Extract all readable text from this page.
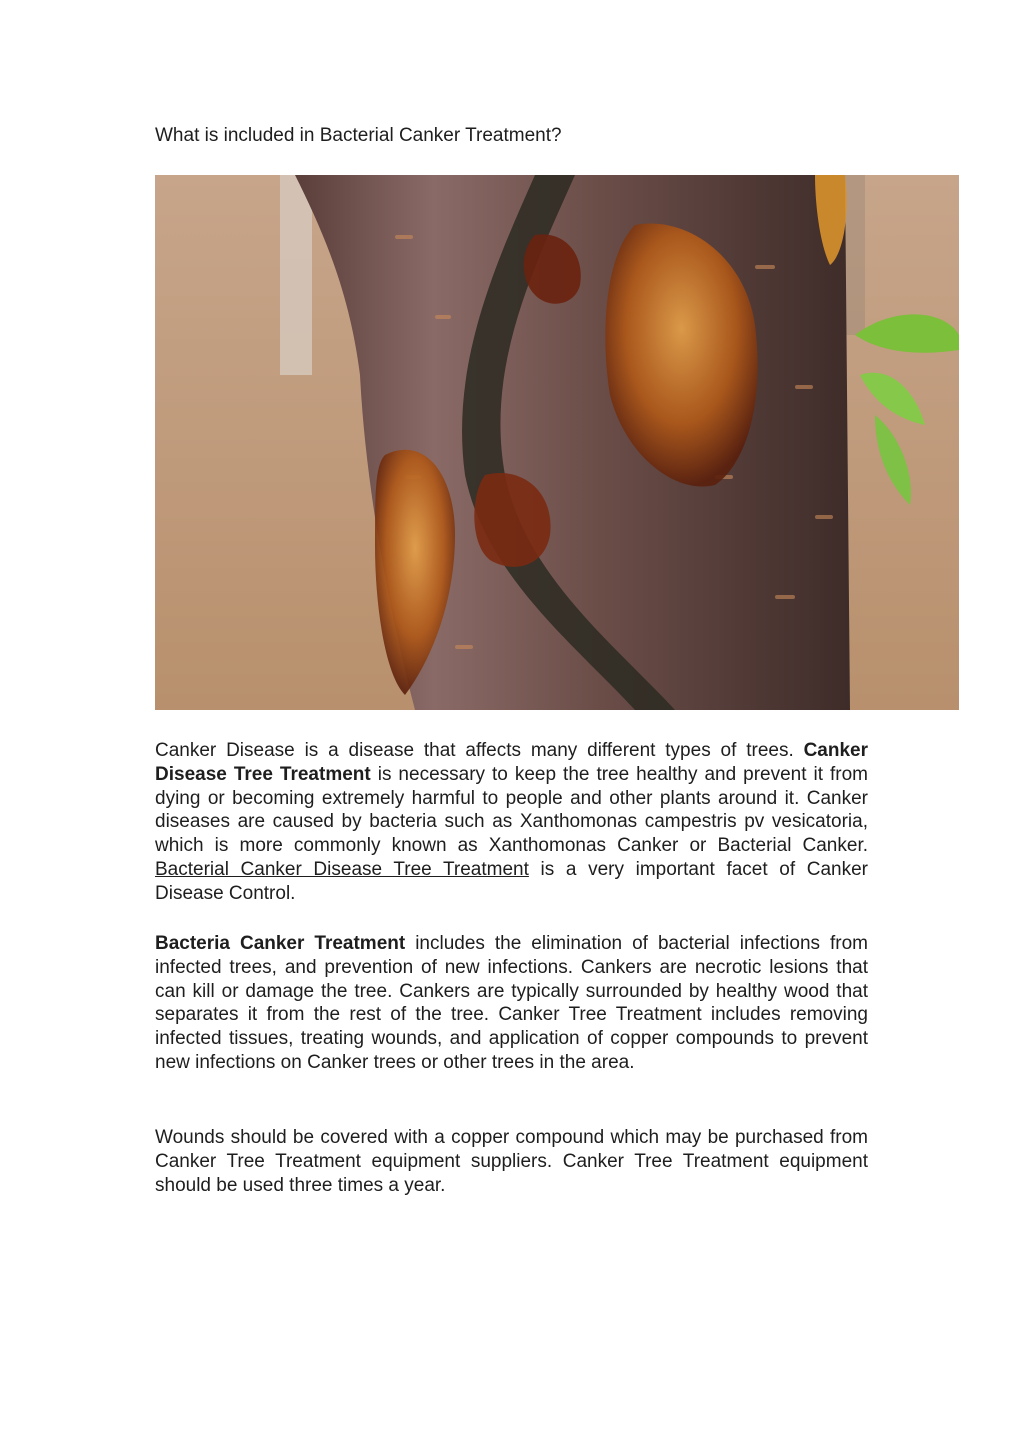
What is included in Bacterial Canker Treatment?

Canker Disease is a disease that affects many different types of trees. Canker Disease Tree Treatment is necessary to keep the tree healthy and prevent it from dying or becoming extremely harmful to people and other plants around it. Canker diseases are caused by bacteria such as Xanthomonas campestris pv vesicatoria, which is more commonly known as Xanthomonas Canker or Bacterial Canker. Bacterial Canker Disease Tree Treatment is a very important facet of Canker Disease Control.

Bacteria Canker Treatment includes the elimination of bacterial infections from infected trees, and prevention of new infections. Cankers are necrotic lesions that can kill or damage the tree. Cankers are typically surrounded by healthy wood that separates it from the rest of the tree. Canker Tree Treatment includes removing infected tissues, treating wounds, and application of copper compounds to prevent new infections on Canker trees or other trees in the area.

Wounds should be covered with a copper compound which may be purchased from Canker Tree Treatment equipment suppliers. Canker Tree Treatment equipment should be used three times a year.
